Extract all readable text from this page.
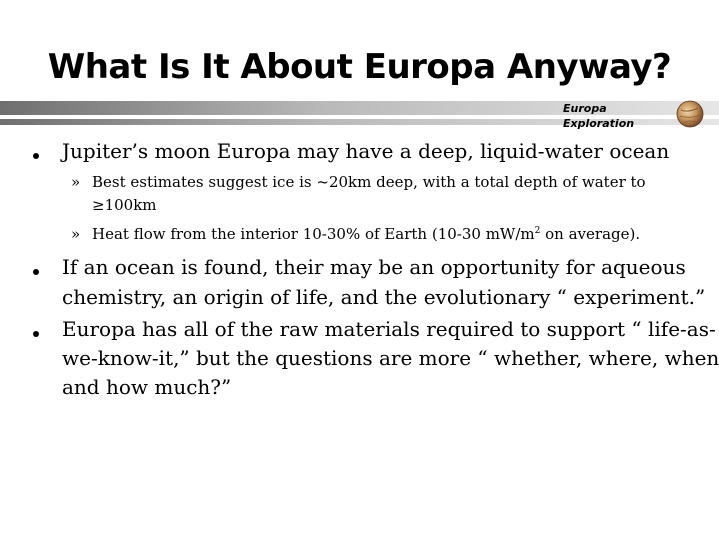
What Is It About Europa Anyway?
Europa
Exploration
Jupiter’s moon Europa may have a deep, liquid-water ocean
» Best estimates suggest ice is ~20km deep, with a total depth of water to
≥100km
» Heat flow from the interior 10-30% of Earth (10-30 $mW/m^2$ on average).
If an ocean is found, their may be an opportunity for aqueous
chemistry, an origin of life, and the evolutionary “ experiment.”
Europa has all of the raw materials required to support “ life-as-
we-know-it,” but the questions are more “ whether, where, when
and how much?”
